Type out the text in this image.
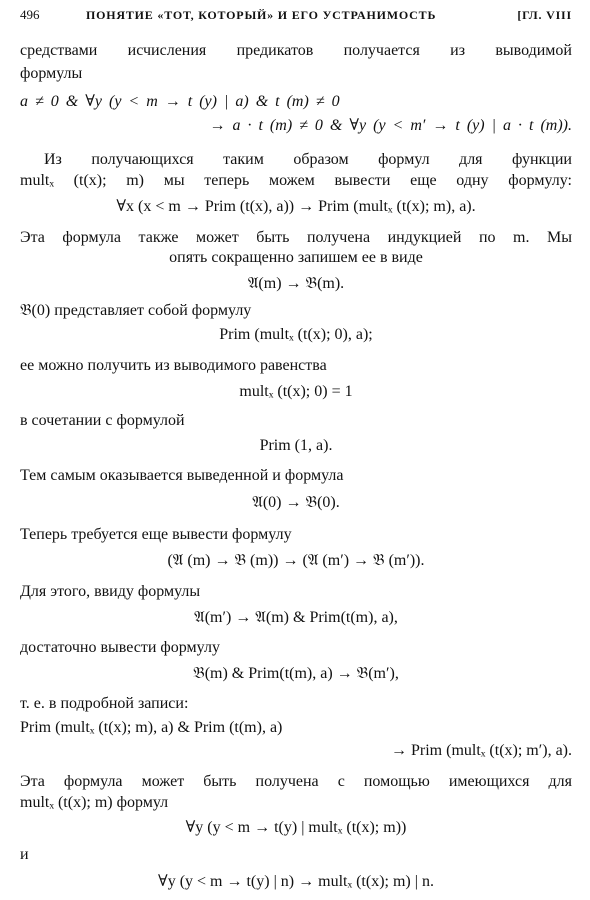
496	ПОНЯТИЕ «ТОТ, КОТОРЫЙ» И ЕГО УСТРАНИМОСТЬ	[ГЛ. VIII
средствами исчисления предикатов получается из выводимой
формулы
a ≠ 0 & ∀y (y < m → t (y) | a) & t (m) ≠ 0
→ a · t (m) ≠ 0 & ∀y (y < m′ → t (y) | a · t (m)).
Из получающихся таким образом формул для функции
multₓ (t(x); m) мы теперь можем вывести еще одну формулу:
∀x (x < m → Prim (t(x), a)) → Prim (multₓ (t(x); m), a).
Эта формула также может быть получена индукцией по m. Мы
опять сокращенно запишем ее в виде
𝔄(m) → 𝔅(m).
𝔅(0) представляет собой формулу
Prim (multₓ (t(x); 0), a);
ее можно получить из выводимого равенства
multₓ (t(x); 0) = 1
в сочетании с формулой
Prim (1, a).
Тем самым оказывается выведенной и формула
𝔄(0) → 𝔅(0).
Теперь требуется еще вывести формулу
(𝔄 (m) → 𝔅 (m)) → (𝔄 (m′) → 𝔅 (m′)).
Для этого, ввиду формулы
𝔄(m′) → 𝔄(m) & Prim(t(m), a),
достаточно вывести формулу
𝔅(m) & Prim(t(m), a) → 𝔅(m′),
т. е. в подробной записи:
Prim (multₓ (t(x); m), a) & Prim (t(m), a)
→ Prim (multₓ (t(x); m′), a).
Эта формула может быть получена с помощью имеющихся для
multₓ (t(x); m) формул
∀y (y < m → t(y) | multₓ (t(x); m))
и
∀y (y < m → t(y) | n) → multₓ (t(x); m) | n.
